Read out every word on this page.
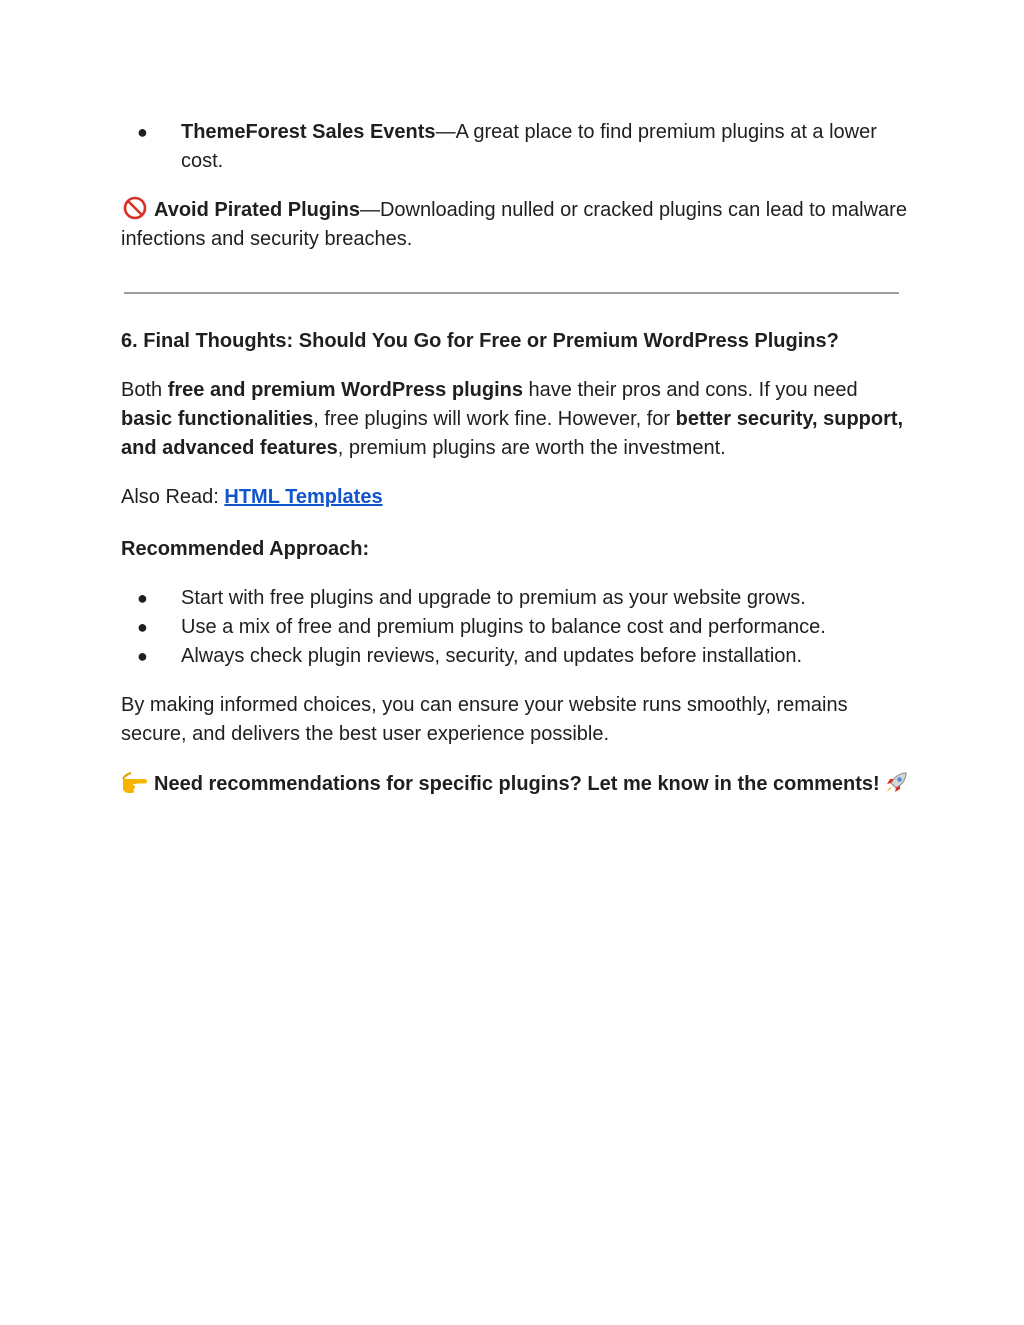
● ThemeForest Sales Events—A great place to find premium plugins at a lower cost.

Avoid Pirated Plugins—Downloading nulled or cracked plugins can lead to malware infections and security breaches.

6. Final Thoughts: Should You Go for Free or Premium WordPress Plugins?

Both free and premium WordPress plugins have their pros and cons. If you need basic functionalities, free plugins will work fine. However, for better security, support, and advanced features, premium plugins are worth the investment.

Also Read: HTML Templates

Recommended Approach:

● Start with free plugins and upgrade to premium as your website grows.
● Use a mix of free and premium plugins to balance cost and performance.
● Always check plugin reviews, security, and updates before installation.

By making informed choices, you can ensure your website runs smoothly, remains secure, and delivers the best user experience possible.

Need recommendations for specific plugins? Let me know in the comments!
